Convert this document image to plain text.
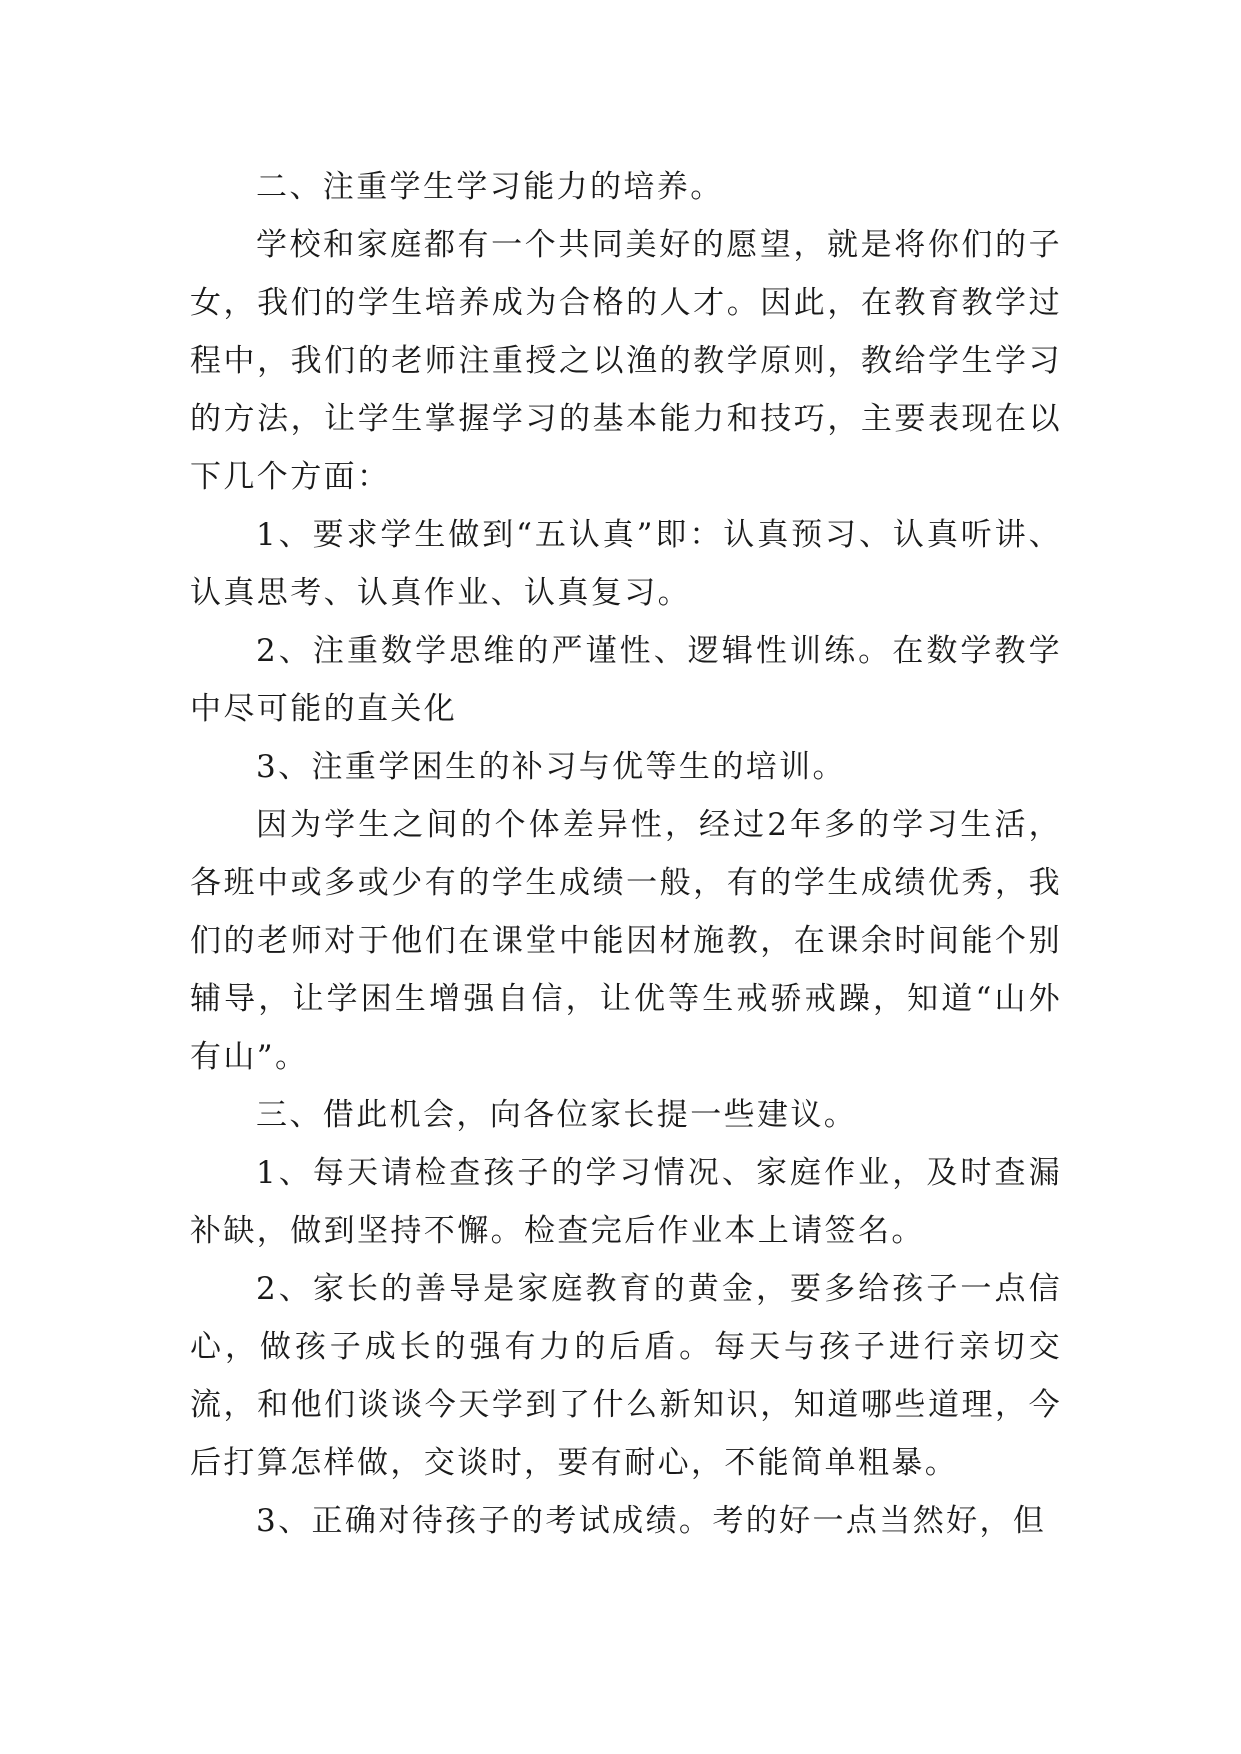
二、注重学生学习能力的培养。

学校和家庭都有一个共同美好的愿望，就是将你们的子女，我们的学生培养成为合格的人才。因此，在教育教学过程中，我们的老师注重授之以渔的教学原则，教给学生学习的方法，让学生掌握学习的基本能力和技巧，主要表现在以下几个方面：

1、要求学生做到“五认真”即：认真预习、认真听讲、认真思考、认真作业、认真复习。

2、注重数学思维的严谨性、逻辑性训练。在数学教学中尽可能的直关化

3、注重学困生的补习与优等生的培训。

因为学生之间的个体差异性，经过2年多的学习生活，各班中或多或少有的学生成绩一般，有的学生成绩优秀，我们的老师对于他们在课堂中能因材施教，在课余时间能个别辅导，让学困生增强自信，让优等生戒骄戒躁，知道“山外有山”。

三、借此机会，向各位家长提一些建议。

1、每天请检查孩子的学习情况、家庭作业，及时查漏补缺，做到坚持不懈。检查完后作业本上请签名。

2、家长的善导是家庭教育的黄金，要多给孩子一点信心，做孩子成长的强有力的后盾。每天与孩子进行亲切交流，和他们谈谈今天学到了什么新知识，知道哪些道理，今后打算怎样做，交谈时，要有耐心，不能简单粗暴。

3、正确对待孩子的考试成绩。考的好一点当然好，但
